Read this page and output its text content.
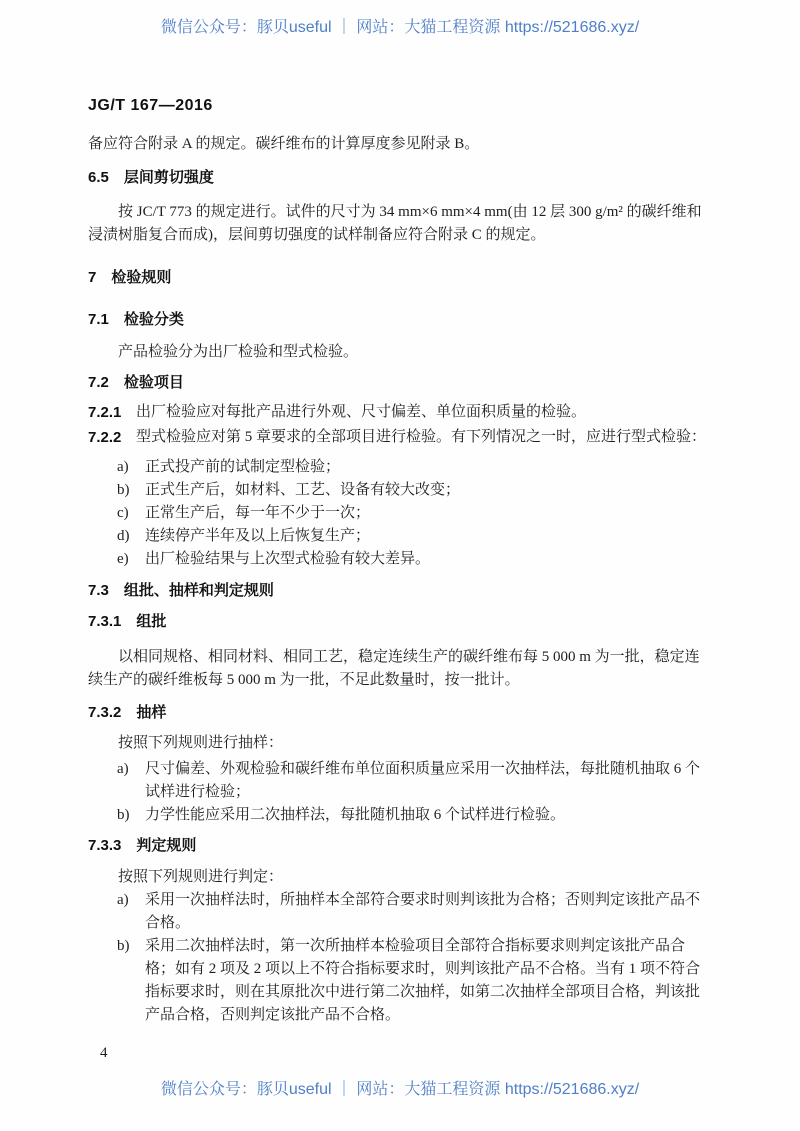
微信公众号：豚贝useful ｜ 网站：大猫工程资源 https://521686.xyz/
JG/T 167—2016

备应符合附录 A 的规定。碳纤维布的计算厚度参见附录 B。

6.5 层间剪切强度

按 JC/T 773 的规定进行。试件的尺寸为 34 mm×6 mm×4 mm(由 12 层 300 g/m² 的碳纤维和浸渍树脂复合而成)，层间剪切强度的试样制备应符合附录 C 的规定。

7 检验规则
7.1 检验分类

产品检验分为出厂检验和型式检验。

7.2 检验项目
7.2.1 出厂检验应对每批产品进行外观、尺寸偏差、单位面积质量的检验。
7.2.2 型式检验应对第 5 章要求的全部项目进行检验。有下列情况之一时，应进行型式检验：
a)	正式投产前的试制定型检验；
b)	正式生产后，如材料、工艺、设备有较大改变；
c)	正常生产后，每一年不少于一次；
d)	连续停产半年及以上后恢复生产；
e)	出厂检验结果与上次型式检验有较大差异。
7.3 组批、抽样和判定规则
7.3.1 组批

以相同规格、相同材料、相同工艺，稳定连续生产的碳纤维布每 5 000 m 为一批，稳定连续生产的碳纤维板每 5 000 m 为一批，不足此数量时，按一批计。

7.3.2 抽样

按照下列规则进行抽样：

a)	尺寸偏差、外观检验和碳纤维布单位面积质量应采用一次抽样法，每批随机抽取 6 个试样进行检验；
b)	力学性能应采用二次抽样法，每批随机抽取 6 个试样进行检验。
7.3.3 判定规则

按照下列规则进行判定：

a)	采用一次抽样法时，所抽样本全部符合要求时则判该批为合格；否则判定该批产品不合格。
b)	采用二次抽样法时，第一次所抽样本检验项目全部符合指标要求则判定该批产品合格；如有 2 项及 2 项以上不符合指标要求时，则判该批产品不合格。当有 1 项不符合指标要求时，则在其原批次中进行第二次抽样，如第二次抽样全部项目合格，判该批产品合格，否则判定该批产品不合格。
4
微信公众号：豚贝useful ｜ 网站：大猫工程资源 https://521686.xyz/
